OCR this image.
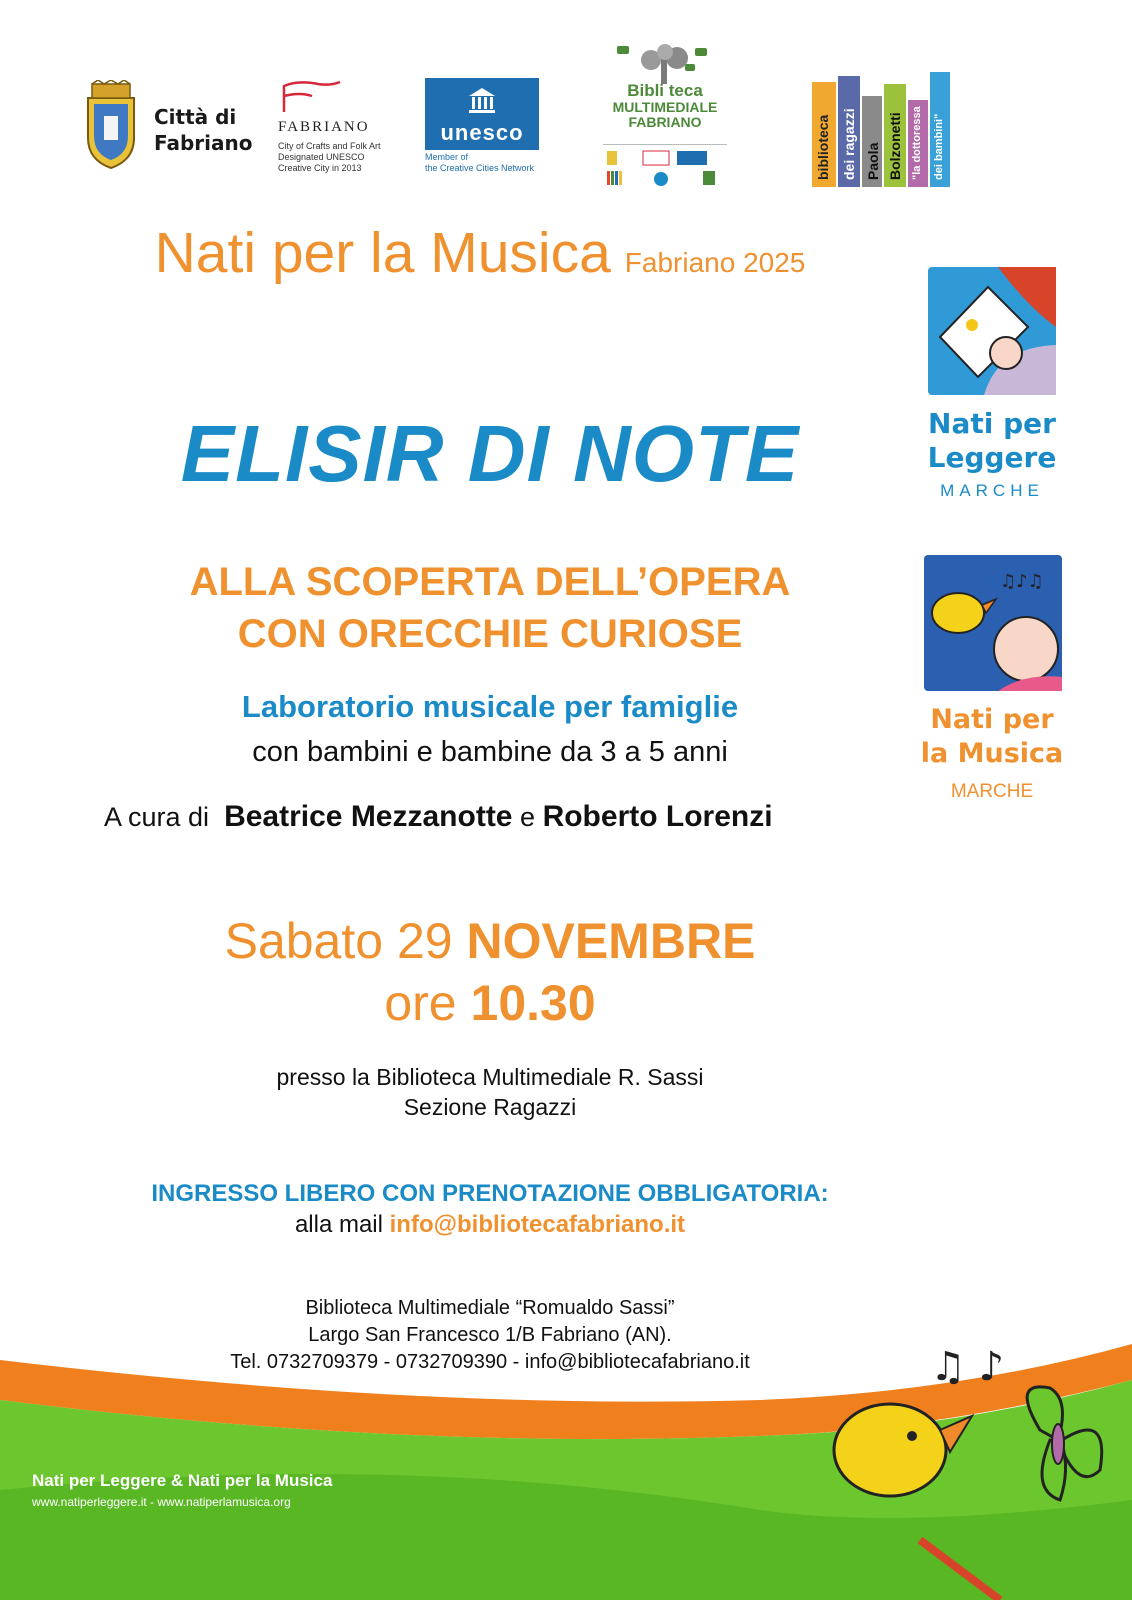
Città di
Fabriano
FABRIANO
City of Crafts and Folk Art
Designated UNESCO
Creative City in 2013
unesco
Member of
the Creative Cities Network
Bibli teca
MULTIMEDIALE
FABRIANO	biblioteca dei ragazzi Paola Bolzonetti "la dottoressa dei bambini"
Nati per la Musica Fabriano 2025
ELISIR DI NOTE
ALLA SCOPERTA DELL’OPERA
CON ORECCHIE CURIOSE
Laboratorio musicale per famiglie
con bambini e bambine da 3 a 5 anni
A cura di Beatrice Mezzanotte e Roberto Lorenzi
Sabato 29 NOVEMBRE
ore 10.30
presso la Biblioteca Multimediale R. Sassi
Sezione Ragazzi
INGRESSO LIBERO CON PRENOTAZIONE OBBLIGATORIA:
alla mail info@bibliotecafabriano.it
Biblioteca Multimediale “Romualdo Sassi”
Largo San Francesco 1/B Fabriano (AN).
Tel. 0732709379 - 0732709390 - info@bibliotecafabriano.it
Nati per
Leggere
MARCHE
♫♪♫
Nati per
la Musica
MARCHE
♫ ♪
Nati per Leggere & Nati per la Musica
www.natiperleggere.it - www.natiperlamusica.org
